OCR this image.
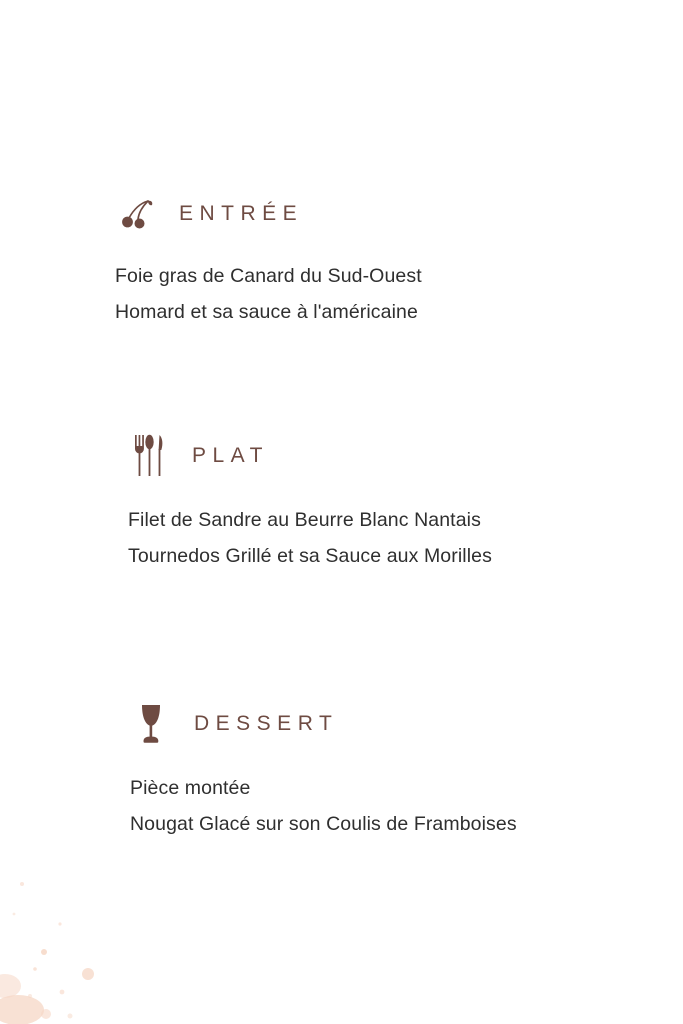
ENTRÉE
Foie gras de Canard du Sud-Ouest
Homard et sa sauce à l'américaine
PLAT
Filet de Sandre au Beurre Blanc Nantais
Tournedos Grillé et sa Sauce aux Morilles
DESSERT
Pièce montée
Nougat Glacé sur son Coulis de Framboises
